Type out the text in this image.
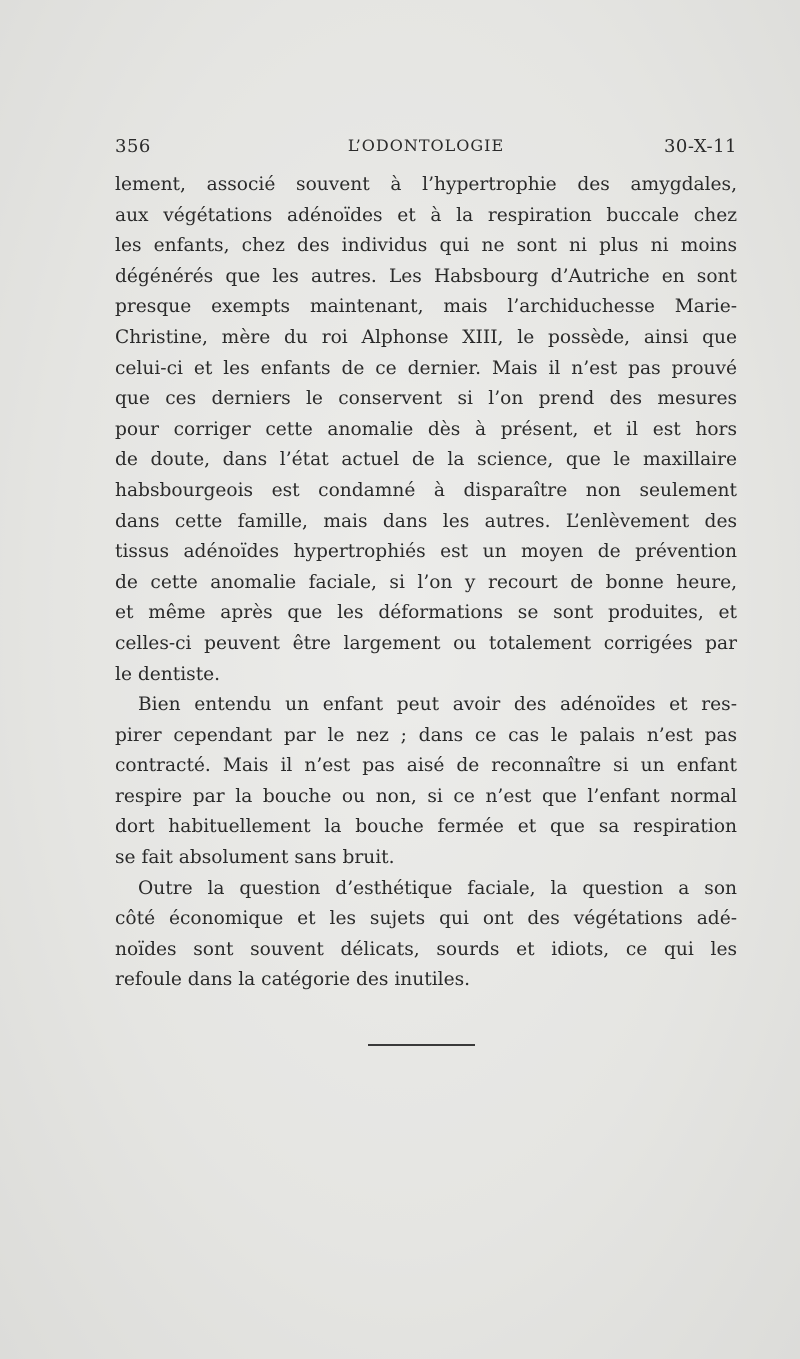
356	L’ODONTOLOGIE	30-X-11
lement, associé souvent à l’hypertrophie des amygdales,
aux végétations adénoïdes et à la respiration buccale chez
les enfants, chez des individus qui ne sont ni plus ni moins
dégénérés que les autres. Les Habsbourg d’Autriche en sont
presque exempts maintenant, mais l’archiduchesse Marie-
Christine, mère du roi Alphonse XIII, le possède, ainsi que
celui-ci et les enfants de ce dernier. Mais il n’est pas prouvé
que ces derniers le conservent si l’on prend des mesures
pour corriger cette anomalie dès à présent, et il est hors
de doute, dans l’état actuel de la science, que le maxillaire
habsbourgeois est condamné à disparaître non seulement
dans cette famille, mais dans les autres. L’enlèvement des
tissus adénoïdes hypertrophiés est un moyen de prévention
de cette anomalie faciale, si l’on y recourt de bonne heure,
et même après que les déformations se sont produites, et
celles-ci peuvent être largement ou totalement corrigées par
le dentiste.
Bien entendu un enfant peut avoir des adénoïdes et res-
pirer cependant par le nez ; dans ce cas le palais n’est pas
contracté. Mais il n’est pas aisé de reconnaître si un enfant
respire par la bouche ou non, si ce n’est que l’enfant normal
dort habituellement la bouche fermée et que sa respiration
se fait absolument sans bruit.
Outre la question d’esthétique faciale, la question a son
côté économique et les sujets qui ont des végétations adé-
noïdes sont souvent délicats, sourds et idiots, ce qui les
refoule dans la catégorie des inutiles.
